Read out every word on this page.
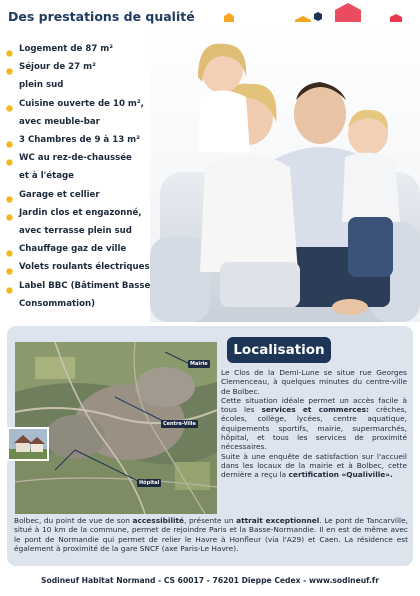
Des prestations de qualité
Logement de 87 m²
Séjour de 27 m²
plein sud
Cuisine ouverte de 10 m²,
avec meuble-bar
3 Chambres de 9 à 13 m²
WC au rez-de-chaussée
et à l'étage
Garage et cellier
Jardin clos et engazonné,
avec terrasse plein sud
Chauffage gaz de ville
Volets roulants électriques
Label BBC (Bâtiment Basse
Consommation)
Mairie
Centre-Ville
Hôpital
Localisation

Le Clos de la Demi-Lune se situe rue Georges Clemenceau, à quelques minutes du centre-ville de Bolbec.

Cette situation idéale permet un accès facile à tous les services et commerces: crèches, écoles, collège, lycées, centre aquatique, équipements sportifs, mairie, supermarchés, hôpital, et tous les services de proximité nécessaires.

Suite à une enquête de satisfaction sur l'accueil dans les locaux de la mairie et à Bolbec, cette dernière a reçu la certification «Qualiville».

Bolbec, du point de vue de son accessibilité, présente un attrait exceptionnel. Le pont de Tancarville, situé à 10 km de la commune, permet de rejoindre Paris et la Basse-Normandie. Il en est de même avec le pont de Normandie qui permet de relier le Havre à Honfleur (via l'A29) et Caen. La résidence est également à proximité de la gare SNCF (axe Paris-Le Havre).
Sodineuf Habitat Normand - CS 60017 - 76201 Dieppe Cedex - www.sodineuf.fr
